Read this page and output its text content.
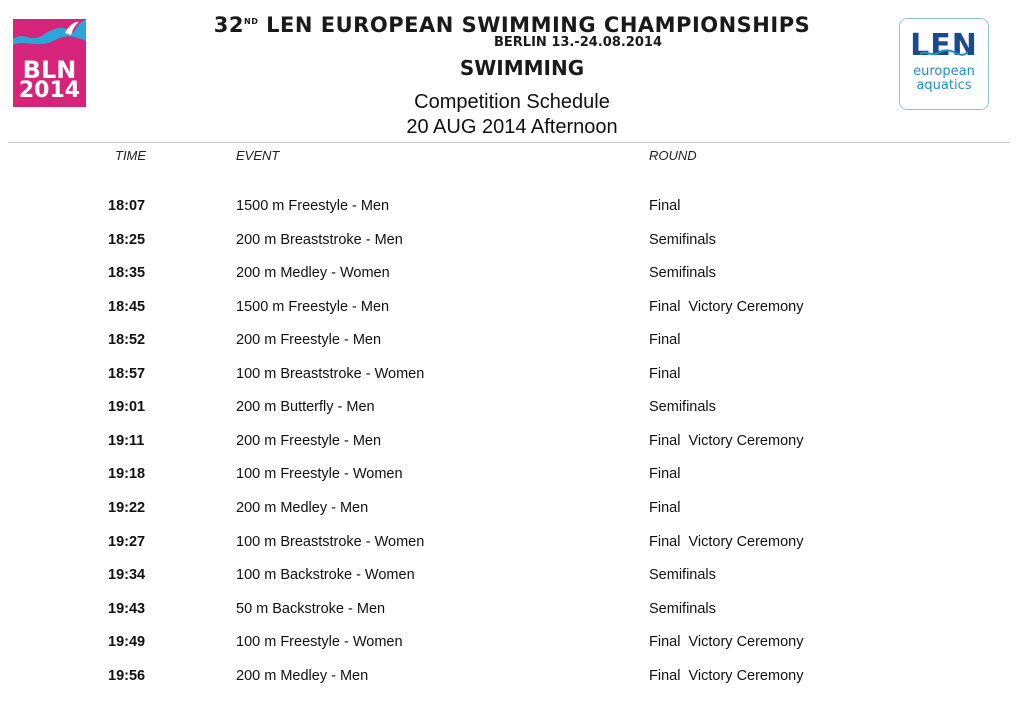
BLN
2014
32ND LEN EUROPEAN SWIMMING CHAMPIONSHIPS
BERLIN 13.-24.08.2014
SWIMMING
Competition Schedule
20 AUG 2014 Afternoon
LEN
european
aquatics
TIME	EVENT	ROUND
18:07	1500 m Freestyle - Men	Final
18:25	200 m Breaststroke - Men	Semifinals
18:35	200 m Medley - Women	Semifinals
18:45	1500 m Freestyle - Men	Final  Victory Ceremony
18:52	200 m Freestyle - Men	Final
18:57	100 m Breaststroke - Women	Final
19:01	200 m Butterfly - Men	Semifinals
19:11	200 m Freestyle - Men	Final  Victory Ceremony
19:18	100 m Freestyle - Women	Final
19:22	200 m Medley - Men	Final
19:27	100 m Breaststroke - Women	Final  Victory Ceremony
19:34	100 m Backstroke - Women	Semifinals
19:43	50 m Backstroke - Men	Semifinals
19:49	100 m Freestyle - Women	Final  Victory Ceremony
19:56	200 m Medley - Men	Final  Victory Ceremony
